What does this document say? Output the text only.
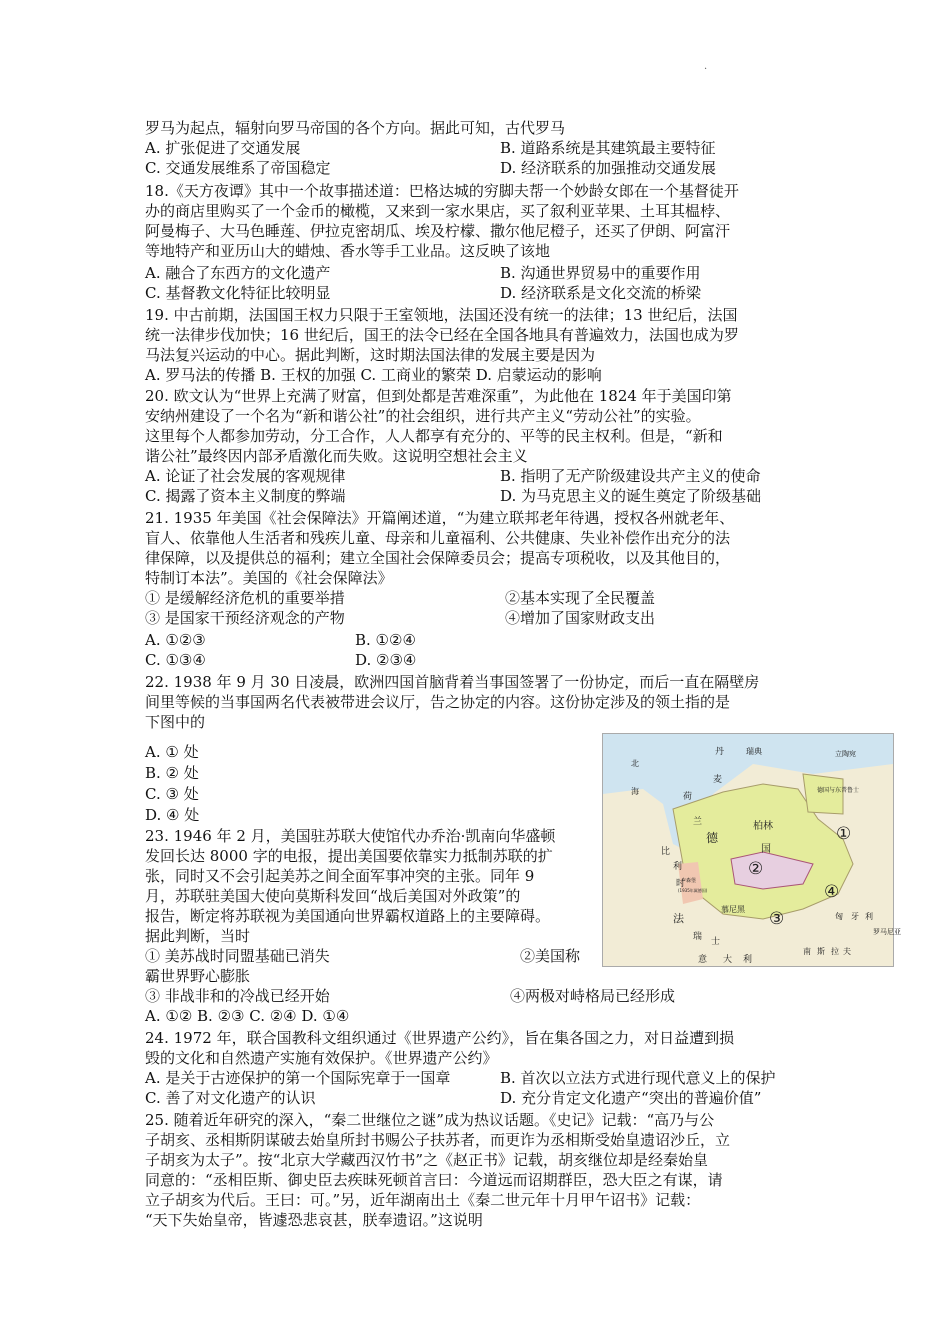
·
罗马为起点，辐射向罗马帝国的各个方向。据此可知，古代罗马
A. 扩张促进了交通发展	B. 道路系统是其建筑最主要特征
C. 交通发展维系了帝国稳定	D. 经济联系的加强推动交通发展
18.《天方夜谭》其中一个故事描述道：巴格达城的穷脚夫帮一个妙龄女郎在一个基督徒开
办的商店里购买了一个金币的橄榄，又来到一家水果店，买了叙利亚苹果、土耳其榅桲、
阿曼梅子、大马色睡莲、伊拉克密胡瓜、埃及柠檬、撒尔他尼橙子，还买了伊朗、阿富汗
等地特产和亚历山大的蜡烛、香水等手工业品。这反映了该地
A. 融合了东西方的文化遗产	B. 沟通世界贸易中的重要作用
C. 基督教文化特征比较明显	D. 经济联系是文化交流的桥梁
19. 中古前期，法国国王权力只限于王室领地，法国还没有统一的法律；13 世纪后，法国
统一法律步伐加快；16 世纪后，国王的法令已经在全国各地具有普遍效力，法国也成为罗
马法复兴运动的中心。据此判断，这时期法国法律的发展主要是因为
A. 罗马法的传播 B. 王权的加强 C. 工商业的繁荣 D. 启蒙运动的影响
20. 欧文认为“世界上充满了财富，但到处都是苦难深重”，为此他在 1824 年于美国印第
安纳州建设了一个名为“新和谐公社”的社会组织，进行共产主义“劳动公社”的实验。
这里每个人都参加劳动，分工合作，人人都享有充分的、平等的民主权利。但是，“新和
谐公社”最终因内部矛盾激化而失败。这说明空想社会主义
A. 论证了社会发展的客观规律	B. 指明了无产阶级建设共产主义的使命
C. 揭露了资本主义制度的弊端	D. 为马克思主义的诞生奠定了阶级基础
21. 1935 年美国《社会保障法》开篇阐述道，“为建立联邦老年待遇，授权各州就老年、
盲人、依靠他人生活者和残疾儿童、母亲和儿童福利、公共健康、失业补偿作出充分的法
律保障，以及提供总的福利；建立全国社会保障委员会；提高专项税收，以及其他目的，
特制订本法”。美国的《社会保障法》
① 是缓解经济危机的重要举措	②基本实现了全民覆盖
③ 是国家干预经济观念的产物	④增加了国家财政支出
A. ①②③	B. ①②④
C. ①③④	D. ②③④
22. 1938 年 9 月 30 日凌晨，欧洲四国首脑背着当事国签署了一份协定，而后一直在隔壁房
间里等候的当事国两名代表被带进会议厅，告之协定的内容。这份协定涉及的领土指的是
下图中的
A. ① 处
B. ② 处
C. ③ 处
D. ④ 处
23. 1946 年 2 月，美国驻苏联大使馆代办乔治·凯南向华盛顿
发回长达 8000 字的电报，提出美国要依靠实力抵制苏联的扩
张，同时又不会引起美苏之间全面军事冲突的主张。同年 9
月，苏联驻美国大使向莫斯科发回“战后美国对外政策”的
报告，断定将苏联视为美国通向世界霸权道路上的主要障碍。
据此判断，当时
① 美苏战时同盟基础已消失	②美国称
霸世界野心膨胀
③ 非战非和的冷战已经开始	④两极对峙格局已经形成
A. ①② B. ②③ C. ②④ D. ①④
24. 1972 年，联合国教科文组织通过《世界遗产公约》，旨在集各国之力，对日益遭到损
毁的文化和自然遗产实施有效保护。《世界遗产公约》
A. 是关于古迹保护的第一个国际宪章于一国章	B. 首次以立法方式进行现代意义上的保护
C. 善了对文化遗产的认识	D. 充分肯定文化遗产“突出的普遍价值”
25. 随着近年研究的深入，“秦二世继位之谜”成为热议话题。《史记》记载：“高乃与公
子胡亥、丞相斯阴谋破去始皇所封书赐公子扶苏者，而更诈为丞相斯受始皇遗诏沙丘，立
子胡亥为太子”。按“北京大学藏西汉竹书”之《赵正书》记载，胡亥继位却是经秦始皇
同意的：“丞相臣斯、御史臣去疾昧死顿首言曰：今道远而诏期群臣，恐大臣之有谋，请
立子胡亥为代后。王曰：可。”另，近年湖南出土《秦二世元年十月甲午诏书》记载：
“天下失始皇帝，皆遽恐悲哀甚，朕奉遗诏。”这说明
丹	瑞典	立陶宛
麦
北
海
荷
兰
比
利
时
德
柏林
国
德国与东普鲁士
卢森堡
(1935年属德国)
慕尼黑
法
瑞 士
意 大 利
南 斯 拉 夫
匈 牙 利
罗马尼亚
①
②
③
④
